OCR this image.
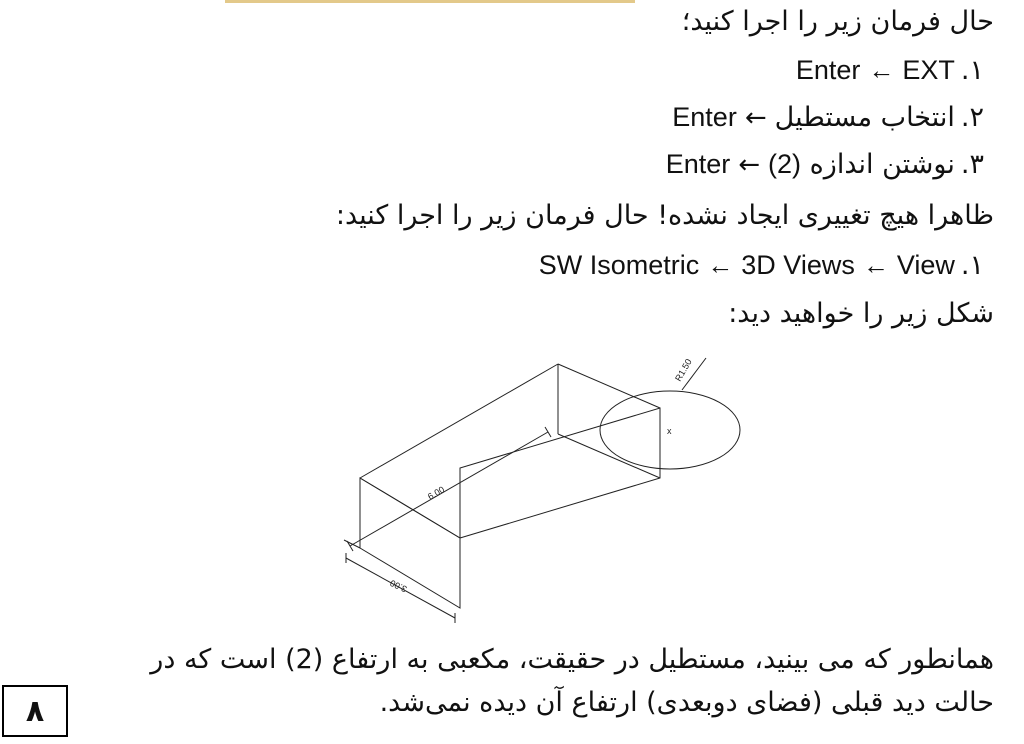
حال فرمان زیر را اجرا کنید؛
۱.Enter ← EXT
۲.انتخاب مستطیل←Enter
۳.نوشتن اندازه (2)←Enter
ظاهرا هیچ تغییری ایجاد نشده! حال فرمان زیر را اجرا کنید:
۱.SW Isometric ← 3D Views ← View
شکل زیر را خواهید دید:
6.00
3.00
R1.50
x
همانطور که می بینید، مستطیل در حقیقت، مکعبی به ارتفاع (2) است که در
حالت دید قبلی (فضای دوبعدی) ارتفاع آن دیده نمی‌شد.
۸
